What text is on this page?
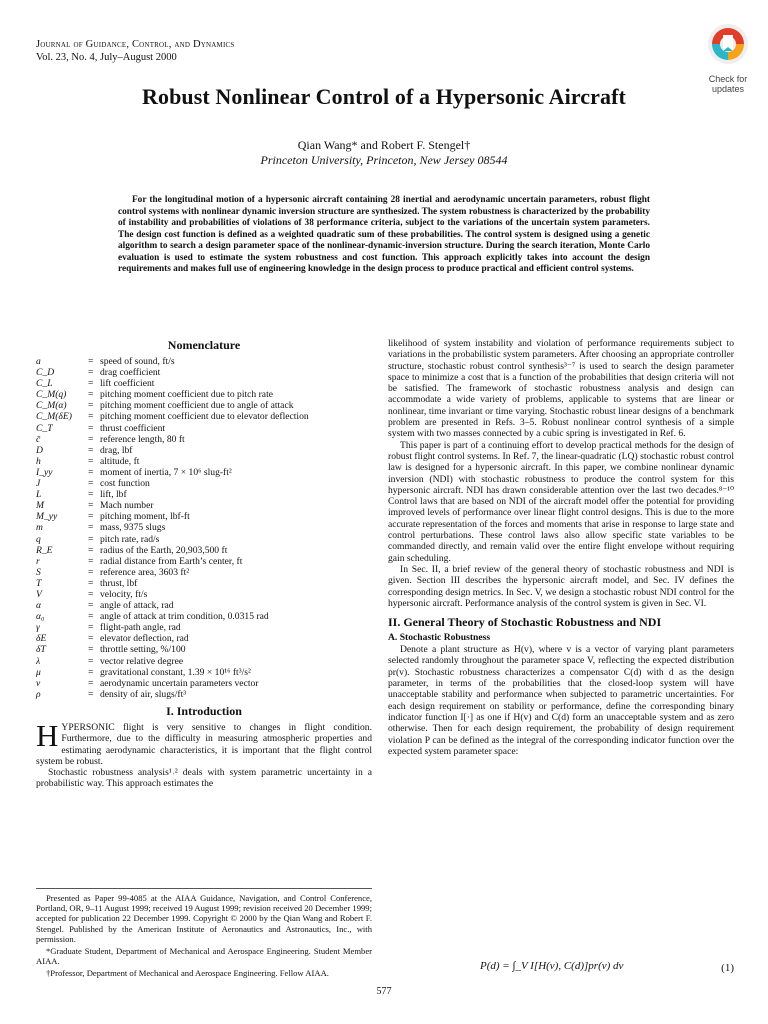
Journal of Guidance, Control, and Dynamics
Vol. 23, No. 4, July–August 2000
Check for
updates
Robust Nonlinear Control of a Hypersonic Aircraft
Qian Wang* and Robert F. Stengel†
Princeton University, Princeton, New Jersey 08544

For the longitudinal motion of a hypersonic aircraft containing 28 inertial and aerodynamic uncertain parameters, robust flight control systems with nonlinear dynamic inversion structure are synthesized. The system robustness is characterized by the probability of instability and probabilities of violations of 38 performance criteria, subject to the variations of the uncertain system parameters. The design cost function is defined as a weighted quadratic sum of these probabilities. The control system is designed using a genetic algorithm to search a design parameter space of the nonlinear-dynamic-inversion structure. During the search iteration, Monte Carlo evaluation is used to estimate the system robustness and cost function. This approach explicitly takes into account the design requirements and makes full use of engineering knowledge in the design process to produce practical and efficient control systems.

Nomenclature
a	=	speed of sound, ft/s
C_D	=	drag coefficient
C_L	=	lift coefficient
C_M(q)	=	pitching moment coefficient due to pitch rate
C_M(α)	=	pitching moment coefficient due to angle of attack
C_M(δE)	=	pitching moment coefficient due to elevator deflection
C_T	=	thrust coefficient
c̄	=	reference length, 80 ft
D	=	drag, lbf
h	=	altitude, ft
I_yy	=	moment of inertia, 7 × 10⁶ slug-ft²
J	=	cost function
L	=	lift, lbf
M	=	Mach number
M_yy	=	pitching moment, lbf-ft
m	=	mass, 9375 slugs
q	=	pitch rate, rad/s
R_E	=	radius of the Earth, 20,903,500 ft
r	=	radial distance from Earth’s center, ft
S	=	reference area, 3603 ft²
T	=	thrust, lbf
V	=	velocity, ft/s
α	=	angle of attack, rad
α₀	=	angle of attack at trim condition, 0.0315 rad
γ	=	flight-path angle, rad
δE	=	elevator deflection, rad
δT	=	throttle setting, %/100
λ	=	vector relative degree
μ	=	gravitational constant, 1.39 × 10¹⁶ ft³/s²
ν	=	aerodynamic uncertain parameters vector
ρ	=	density of air, slugs/ft³
I. Introduction

HYPERSONIC flight is very sensitive to changes in flight condition. Furthermore, due to the difficulty in measuring atmospheric properties and estimating aerodynamic characteristics, it is important that the flight control system be robust.

Stochastic robustness analysis¹˒² deals with system parametric uncertainty in a probabilistic way. This approach estimates the

likelihood of system instability and violation of performance requirements subject to variations in the probabilistic system parameters. After choosing an appropriate controller structure, stochastic robust control synthesis³⁻⁷ is used to search the design parameter space to minimize a cost that is a function of the probabilities that design criteria will not be satisfied. The framework of stochastic robustness analysis and design can accommodate a wide variety of problems, applicable to systems that are linear or nonlinear, time invariant or time varying. Stochastic robust linear designs of a benchmark problem are presented in Refs. 3–5. Robust nonlinear control synthesis of a simple system with two masses connected by a cubic spring is investigated in Ref. 6.

This paper is part of a continuing effort to develop practical methods for the design of robust flight control systems. In Ref. 7, the linear-quadratic (LQ) stochastic robust control law is designed for a hypersonic aircraft. In this paper, we combine nonlinear dynamic inversion (NDI) with stochastic robustness to produce the control system for this hypersonic aircraft. NDI has drawn considerable attention over the last two decades.⁸⁻¹⁰ Control laws that are based on NDI of the aircraft model offer the potential for providing improved levels of performance over linear flight control designs. This is due to the more accurate representation of the forces and moments that arise in response to large state and control perturbations. These control laws also allow specific state variables to be commanded directly, and remain valid over the entire flight envelope without requiring gain scheduling.

In Sec. II, a brief review of the general theory of stochastic robustness and NDI is given. Section III describes the hypersonic aircraft model, and Sec. IV defines the corresponding design metrics. In Sec. V, we design a stochastic robust NDI control for the hypersonic aircraft. Performance analysis of the control system is given in Sec. VI.

II. General Theory of Stochastic Robustness and NDI
A. Stochastic Robustness

Denote a plant structure as H(v), where v is a vector of varying plant parameters selected randomly throughout the parameter space V, reflecting the expected distribution pr(v). Stochastic robustness characterizes a compensator C(d) with d as the design parameter, in terms of the probabilities that the closed-loop system will have unacceptable stability and performance when subjected to parametric uncertainties. For each design requirement on stability or performance, define the corresponding binary indicator function I[·] as one if H(v) and C(d) form an unacceptable system and as zero otherwise. Then for each design requirement, the probability of design requirement violation P can be defined as the integral of the corresponding indicator function over the expected system parameter space:

P(d) = ∫_V I[H(v), C(d)]pr(v) dv	(1)

Presented as Paper 99-4085 at the AIAA Guidance, Navigation, and Control Conference, Portland, OR, 9–11 August 1999; received 19 August 1999; revision received 20 December 1999; accepted for publication 22 December 1999. Copyright © 2000 by the Qian Wang and Robert F. Stengel. Published by the American Institute of Aeronautics and Astronautics, Inc., with permission.

*Graduate Student, Department of Mechanical and Aerospace Engineering. Student Member AIAA.

†Professor, Department of Mechanical and Aerospace Engineering. Fellow AIAA.

577
